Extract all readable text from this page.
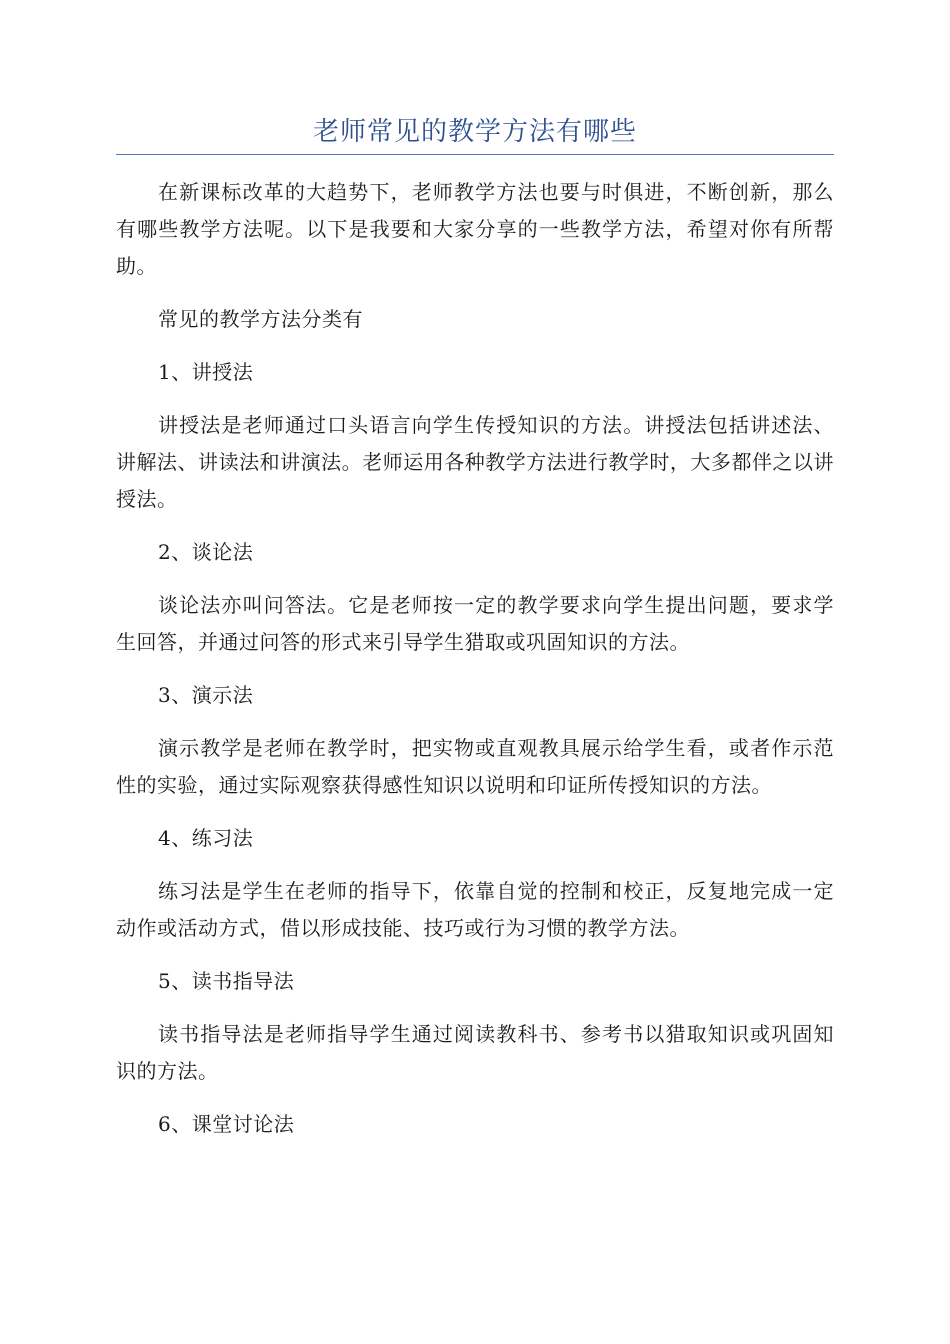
老师常见的教学方法有哪些

在新课标改革的大趋势下，老师教学方法也要与时俱进，不断创新，那么有哪些教学方法呢。以下是我要和大家分享的一些教学方法，希望对你有所帮助。

常见的教学方法分类有

1、讲授法

讲授法是老师通过口头语言向学生传授知识的方法。讲授法包括讲述法、讲解法、讲读法和讲演法。老师运用各种教学方法进行教学时，大多都伴之以讲授法。

2、谈论法

谈论法亦叫问答法。它是老师按一定的教学要求向学生提出问题，要求学生回答，并通过问答的形式来引导学生猎取或巩固知识的方法。

3、演示法

演示教学是老师在教学时，把实物或直观教具展示给学生看，或者作示范性的实验，通过实际观察获得感性知识以说明和印证所传授知识的方法。

4、练习法

练习法是学生在老师的指导下，依靠自觉的控制和校正，反复地完成一定动作或活动方式，借以形成技能、技巧或行为习惯的教学方法。

5、读书指导法

读书指导法是老师指导学生通过阅读教科书、参考书以猎取知识或巩固知识的方法。

6、课堂讨论法
